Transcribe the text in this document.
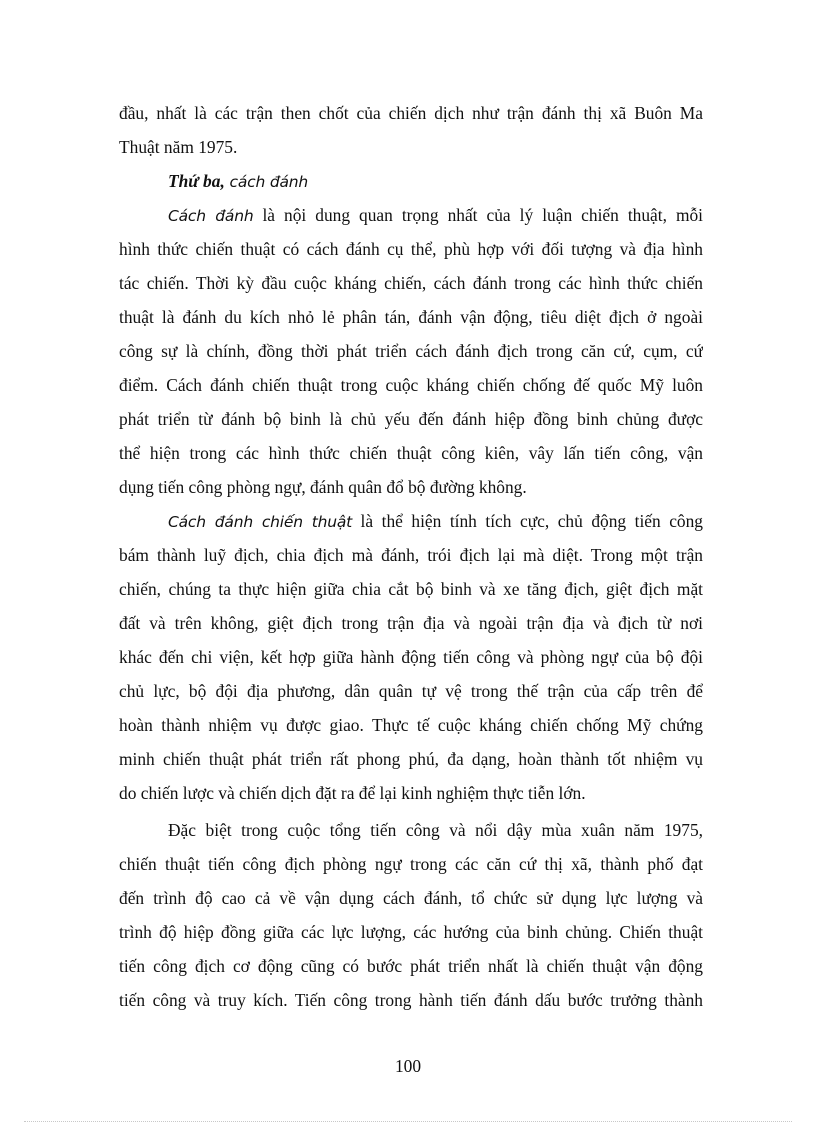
đầu, nhất là các trận then chốt của chiến dịch như trận đánh thị xã Buôn Ma
Thuật năm 1975.
Thứ ba, cách đánh
Cách đánh là nội dung quan trọng nhất của lý luận chiến thuật, mỗi
hình thức chiến thuật có cách đánh cụ thể, phù hợp với đối tượng và địa hình
tác chiến. Thời kỳ đầu cuộc kháng chiến, cách đánh trong các hình thức chiến
thuật là đánh du kích nhỏ lẻ phân tán, đánh vận động, tiêu diệt địch ở ngoài
công sự là chính, đồng thời phát triển cách đánh địch trong căn cứ, cụm, cứ
điểm. Cách đánh chiến thuật trong cuộc kháng chiến chống đế quốc Mỹ luôn
phát triển từ đánh bộ binh là chủ yếu đến đánh hiệp đồng binh chủng được
thể hiện trong các hình thức chiến thuật công kiên, vây lấn tiến công, vận
dụng tiến công phòng ngự, đánh quân đổ bộ đường không.
Cách đánh chiến thuật là thể hiện tính tích cực, chủ động tiến công
bám thành luỹ địch, chia địch mà đánh, trói địch lại mà diệt. Trong một trận
chiến, chúng ta thực hiện giữa chia cắt bộ binh và xe tăng địch, giệt địch mặt
đất và trên không, giệt địch trong trận địa và ngoài trận địa và địch từ nơi
khác đến chi viện, kết hợp giữa hành động tiến công và phòng ngự của bộ đội
chủ lực, bộ đội địa phương, dân quân tự vệ trong thế trận của cấp trên để
hoàn thành nhiệm vụ được giao. Thực tế cuộc kháng chiến chống Mỹ chứng
minh chiến thuật phát triển rất phong phú, đa dạng, hoàn thành tốt nhiệm vụ
do chiến lược và chiến dịch đặt ra để lại kinh nghiệm thực tiễn lớn.
Đặc biệt trong cuộc tổng tiến công và nổi dậy mùa xuân năm 1975,
chiến thuật tiến công địch phòng ngự trong các căn cứ thị xã, thành phố đạt
đến trình độ cao cả về vận dụng cách đánh, tổ chức sử dụng lực lượng và
trình độ hiệp đồng giữa các lực lượng, các hướng của binh chủng. Chiến thuật
tiến công địch cơ động cũng có bước phát triển nhất là chiến thuật vận động
tiến công và truy kích. Tiến công trong hành tiến đánh dấu bước trưởng thành
100
